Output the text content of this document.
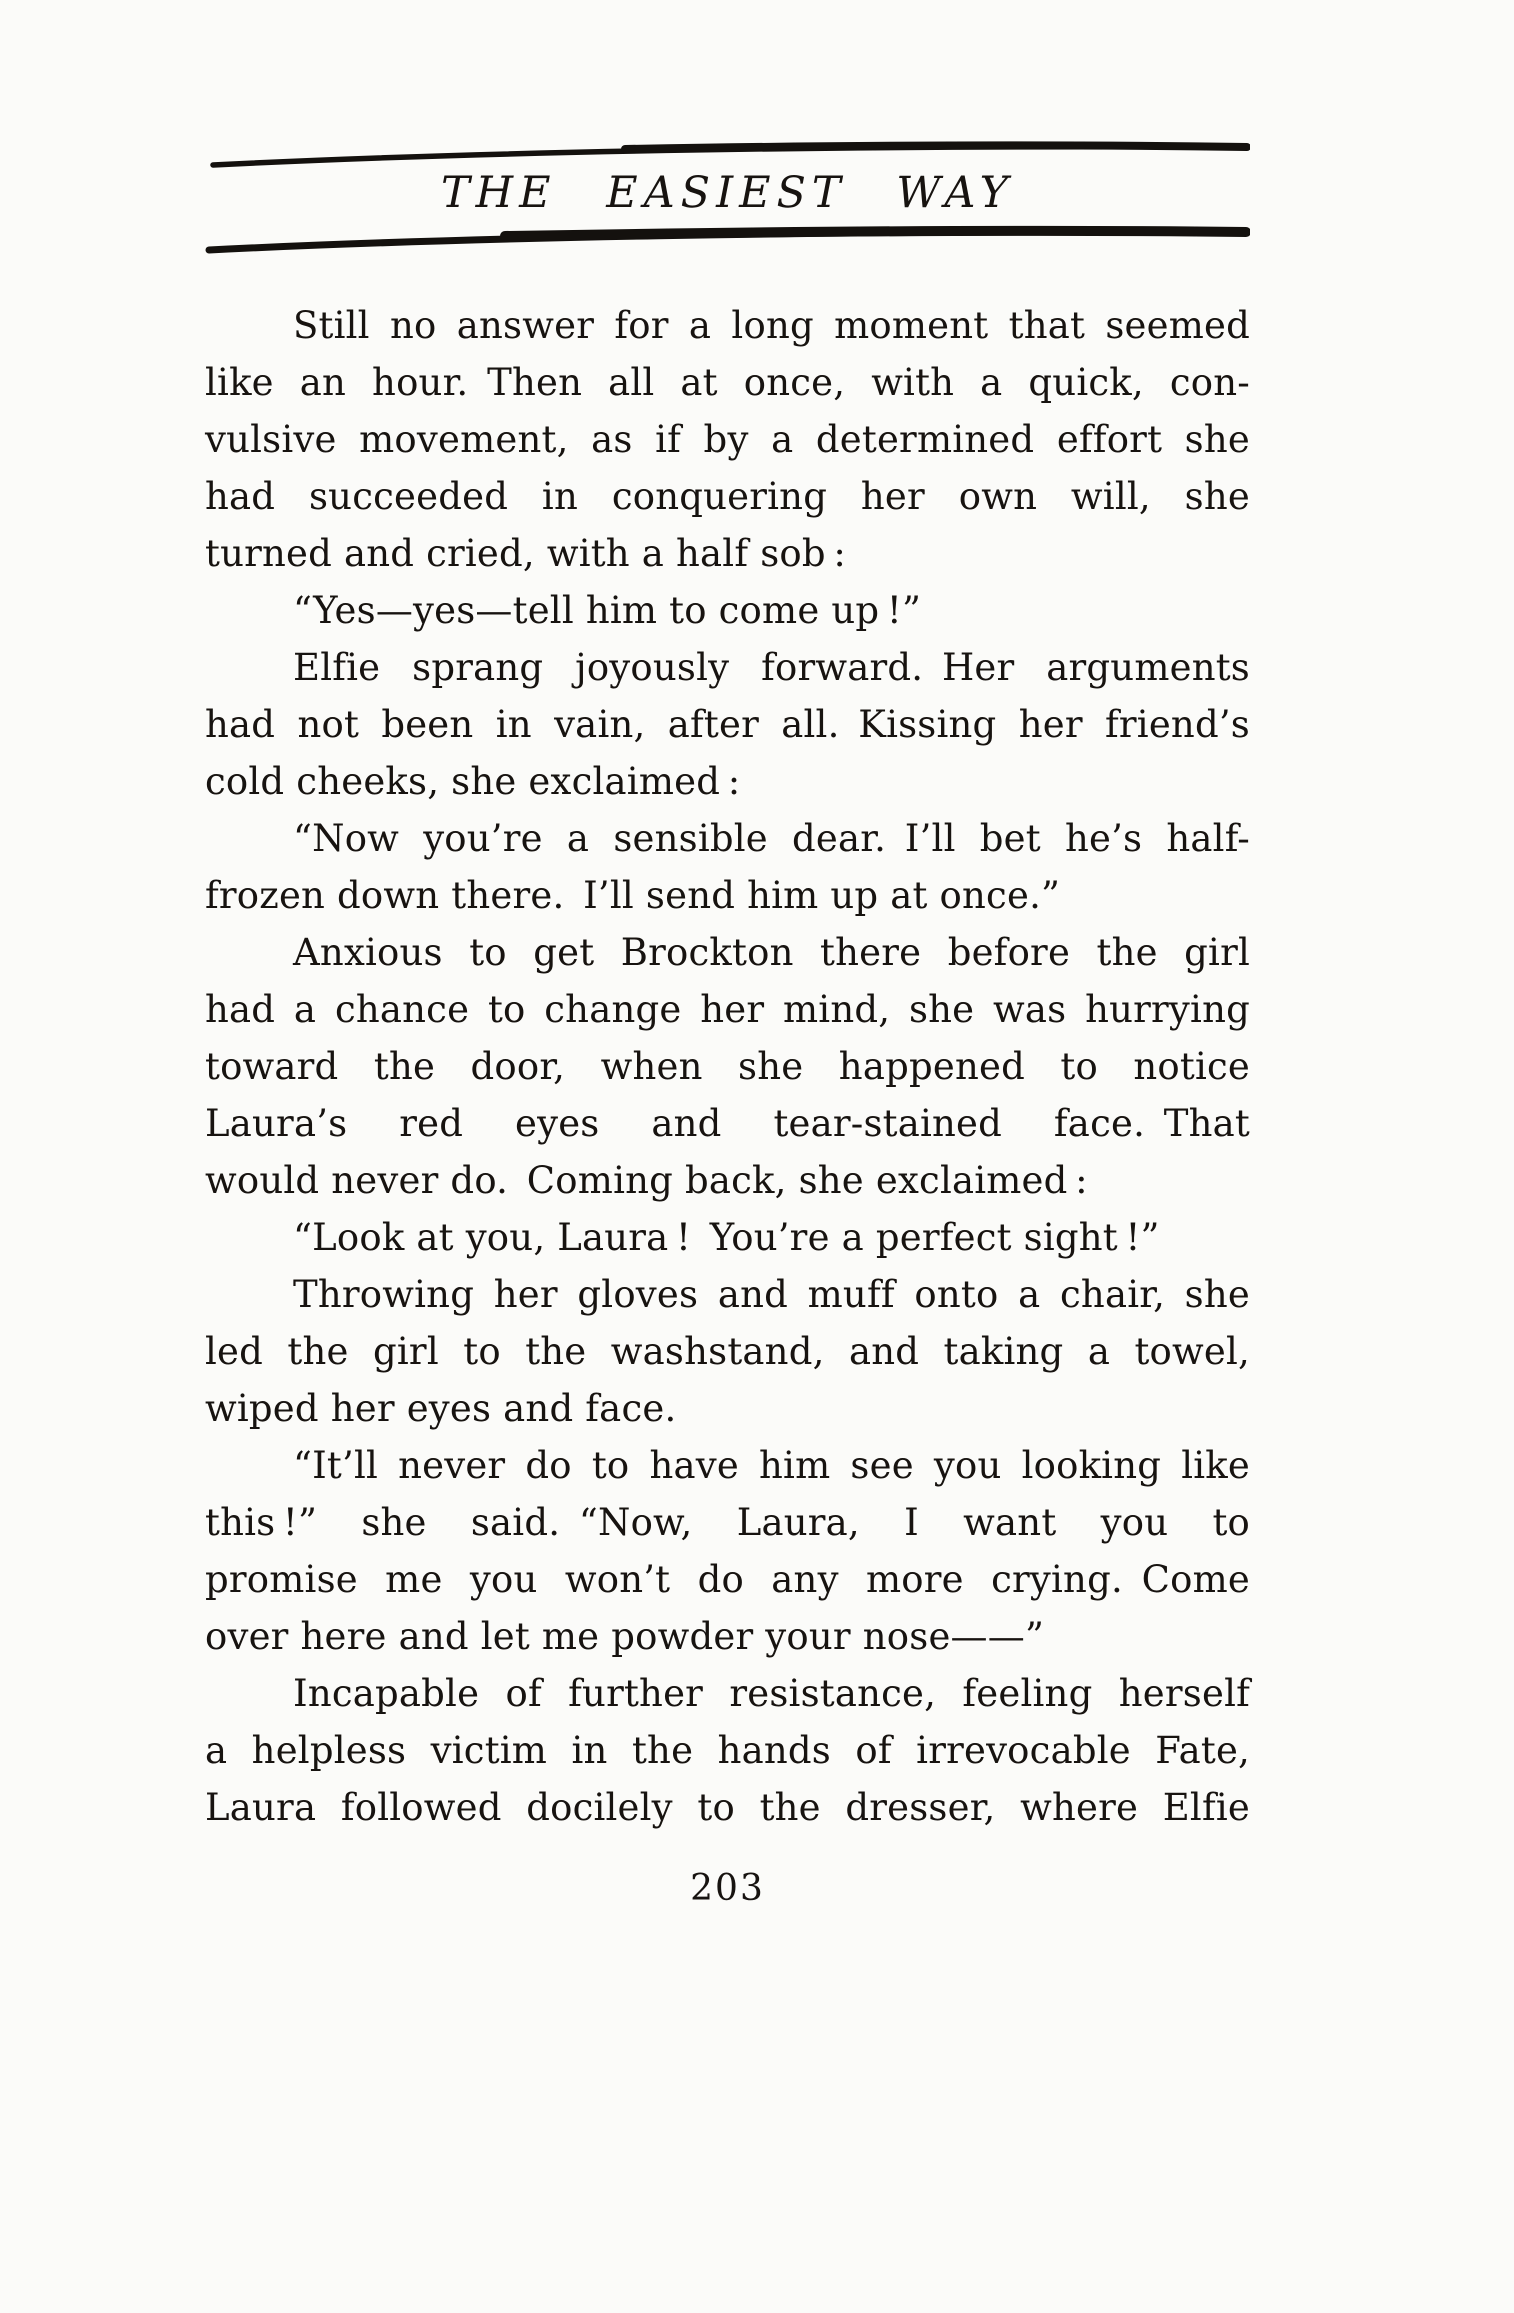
THE EASIEST WAY
Still no answer for a long moment that seemed
like an hour. Then all at once, with a quick, con-
vulsive movement, as if by a determined effort she
had succeeded in conquering her own will, she
turned and cried, with a half sob :
“Yes—yes—tell him to come up !”
Elfie sprang joyously forward. Her arguments
had not been in vain, after all. Kissing her friend’s
cold cheeks, she exclaimed :
“Now you’re a sensible dear. I’ll bet he’s half-
frozen down there. I’ll send him up at once.”
Anxious to get Brockton there before the girl
had a chance to change her mind, she was hurrying
toward the door, when she happened to notice
Laura’s red eyes and tear-stained face. That
would never do. Coming back, she exclaimed :
“Look at you, Laura ! You’re a perfect sight !”
Throwing her gloves and muff onto a chair, she
led the girl to the washstand, and taking a towel,
wiped her eyes and face.
“It’ll never do to have him see you looking like
this !” she said. “Now, Laura, I want you to
promise me you won’t do any more crying. Come
over here and let me powder your nose——”
Incapable of further resistance, feeling herself
a helpless victim in the hands of irrevocable Fate,
Laura followed docilely to the dresser, where Elfie
203
